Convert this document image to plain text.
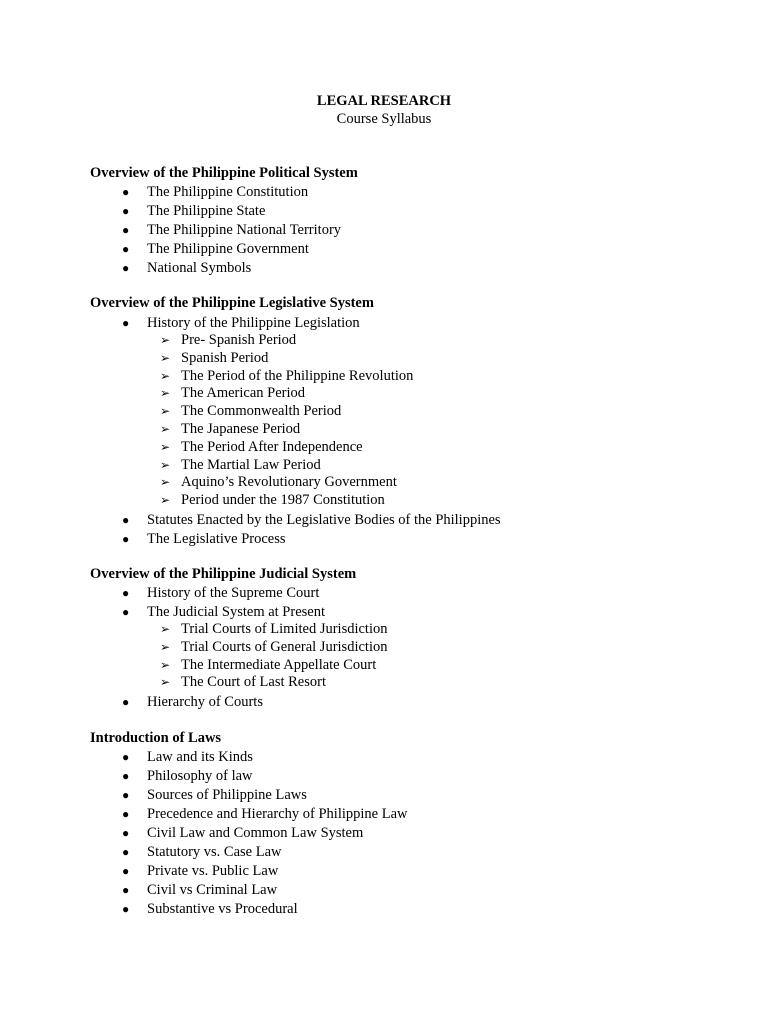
LEGAL RESEARCH
Course Syllabus
Overview of the Philippine Political System
● The Philippine Constitution
● The Philippine State
● The Philippine National Territory
● The Philippine Government
● National Symbols
Overview of the Philippine Legislative System
● History of the Philippine Legislation
➢ Pre- Spanish Period
➢ Spanish Period
➢ The Period of the Philippine Revolution
➢ The American Period
➢ The Commonwealth Period
➢ The Japanese Period
➢ The Period After Independence
➢ The Martial Law Period
➢ Aquino’s Revolutionary Government
➢ Period under the 1987 Constitution
● Statutes Enacted by the Legislative Bodies of the Philippines
● The Legislative Process
Overview of the Philippine Judicial System
● History of the Supreme Court
● The Judicial System at Present
➢ Trial Courts of Limited Jurisdiction
➢ Trial Courts of General Jurisdiction
➢ The Intermediate Appellate Court
➢ The Court of Last Resort
● Hierarchy of Courts
Introduction of Laws
● Law and its Kinds
● Philosophy of law
● Sources of Philippine Laws
● Precedence and Hierarchy of Philippine Law
● Civil Law and Common Law System
● Statutory vs. Case Law
● Private vs. Public Law
● Civil vs Criminal Law
● Substantive vs Procedural
